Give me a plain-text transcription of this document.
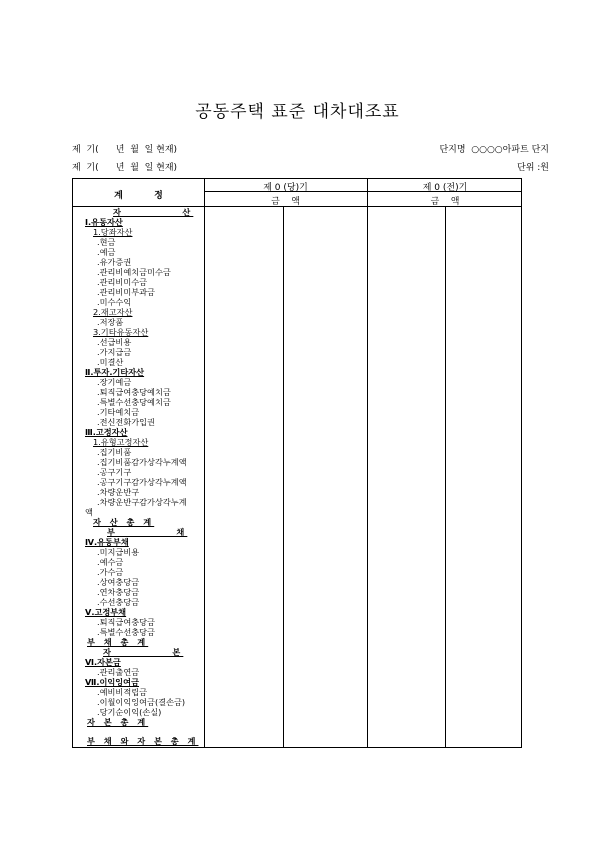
공동주택 표준 대차대조표
제  기(      년  월  일 현재)
제  기(      년  월  일 현재)
단지명  ○○○○아파트 단지
단위 :원
계          정
제 0 (당)기	제 0 (전)기
금    액	금    액
자          산
Ⅰ.유동자산
1.당좌자산
.현금
.예금
.유가증권
.관리비예치금미수금
.관리비미수금
.관리비미부과금
.미수수익
2.재고자산
.저장품
3.기타유동자산
.선급비용
.가지급금
.미결산
Ⅱ.투자.기타자산
.장기예금
.퇴직급여충당예치금
.특별수선충당예치금
.기타예치금
.전신전화가입권
Ⅲ.고정자산
1.유형고정자산
.집기비품
.집기비품감가상각누계액
.공구기구
.공구기구감가상각누계액
.차량운반구
.차량운반구감가상각누계
액
자 산 총 계
부          채
Ⅳ.유동부채
.미지급비용
.예수금
.가수금
.상여충당금
.연차충당금
.수선충당금
Ⅴ.고정부채
.퇴직급여충당금
.특별수선충당금
부 채 총 계
자          본
Ⅵ.자본금
.관리출연금
Ⅶ.이익잉여금
.예비비적립금
.이월이익잉여금(결손금)
.당기순이익(손실)
자 본 총 계
부 채 와 자 본 총 계
